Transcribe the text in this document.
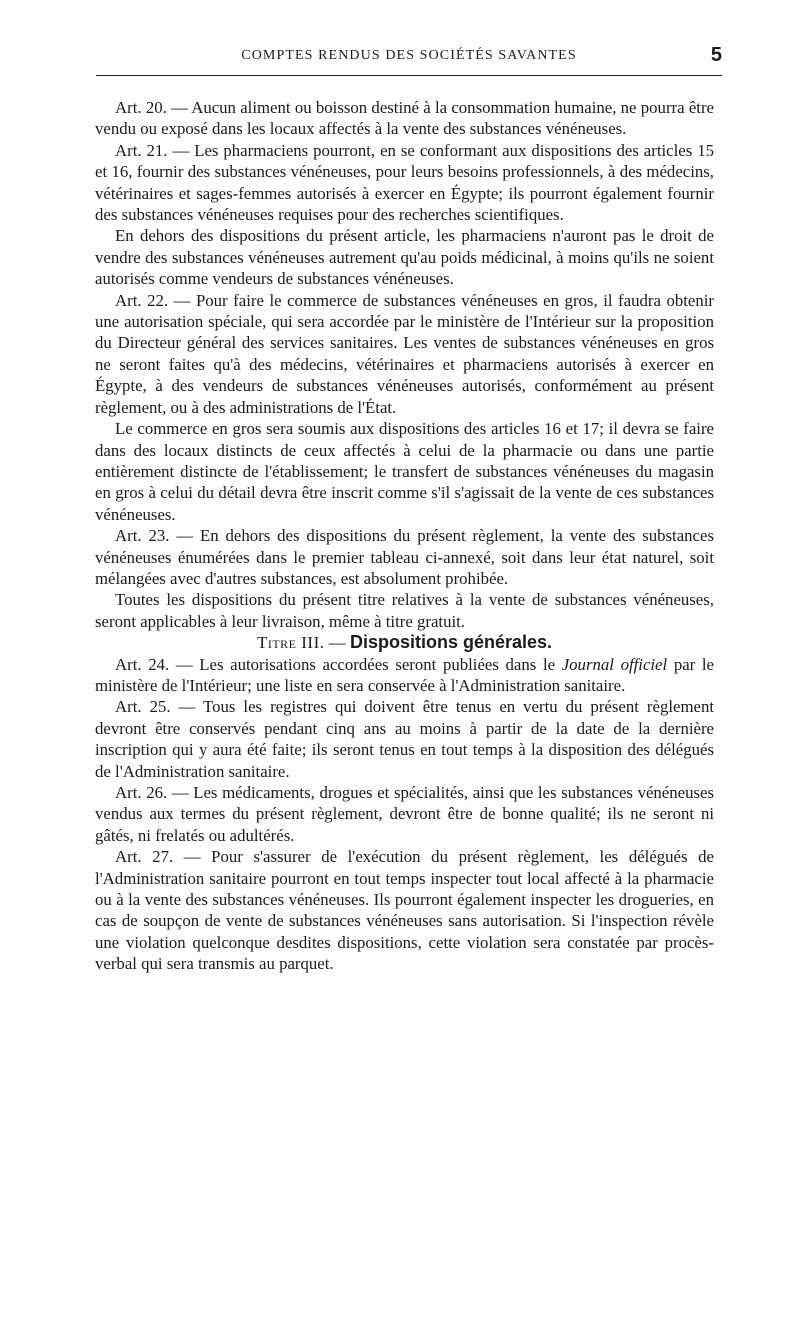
COMPTES RENDUS DES SOCIÉTÉS SAVANTES	5

Art. 20. — Aucun aliment ou boisson destiné à la consommation humaine, ne pourra être vendu ou exposé dans les locaux affectés à la vente des substances vénéneuses.

Art. 21. — Les pharmaciens pourront, en se conformant aux dispositions des articles 15 et 16, fournir des substances vénéneuses, pour leurs besoins professionnels, à des médecins, vétérinaires et sages-femmes autorisés à exercer en Égypte; ils pourront également fournir des substances vénéneuses requises pour des recherches scientifiques.

En dehors des dispositions du présent article, les pharmaciens n'auront pas le droit de vendre des substances vénéneuses autrement qu'au poids médicinal, à moins qu'ils ne soient autorisés comme vendeurs de substances vénéneuses.

Art. 22. — Pour faire le commerce de substances vénéneuses en gros, il faudra obtenir une autorisation spéciale, qui sera accordée par le ministère de l'Intérieur sur la proposition du Directeur général des services sanitaires. Les ventes de substances vénéneuses en gros ne seront faites qu'à des médecins, vétérinaires et pharmaciens autorisés à exercer en Égypte, à des vendeurs de substances vénéneuses autorisés, conformément au présent règlement, ou à des administrations de l'État.

Le commerce en gros sera soumis aux dispositions des articles 16 et 17; il devra se faire dans des locaux distincts de ceux affectés à celui de la pharmacie ou dans une partie entièrement distincte de l'établissement; le transfert de substances vénéneuses du magasin en gros à celui du détail devra être inscrit comme s'il s'agissait de la vente de ces substances vénéneuses.

Art. 23. — En dehors des dispositions du présent règlement, la vente des substances vénéneuses énumérées dans le premier tableau ci-annexé, soit dans leur état naturel, soit mélangées avec d'autres substances, est absolument prohibée.

Toutes les dispositions du présent titre relatives à la vente de substances vénéneuses, seront applicables à leur livraison, même à titre gratuit.

Titre III. — Dispositions générales.

Art. 24. — Les autorisations accordées seront publiées dans le Journal officiel par le ministère de l'Intérieur; une liste en sera conservée à l'Administration sanitaire.

Art. 25. — Tous les registres qui doivent être tenus en vertu du présent règlement devront être conservés pendant cinq ans au moins à partir de la date de la dernière inscription qui y aura été faite; ils seront tenus en tout temps à la disposition des délégués de l'Administration sanitaire.

Art. 26. — Les médicaments, drogues et spécialités, ainsi que les substances vénéneuses vendus aux termes du présent règlement, devront être de bonne qualité; ils ne seront ni gâtés, ni frelatés ou adultérés.

Art. 27. — Pour s'assurer de l'exécution du présent règlement, les délégués de l'Administration sanitaire pourront en tout temps inspecter tout local affecté à la pharmacie ou à la vente des substances vénéneuses. Ils pourront également inspecter les drogueries, en cas de soupçon de vente de substances vénéneuses sans autorisation. Si l'inspection révèle une violation quelconque desdites dispositions, cette violation sera constatée par procès-verbal qui sera transmis au parquet.
